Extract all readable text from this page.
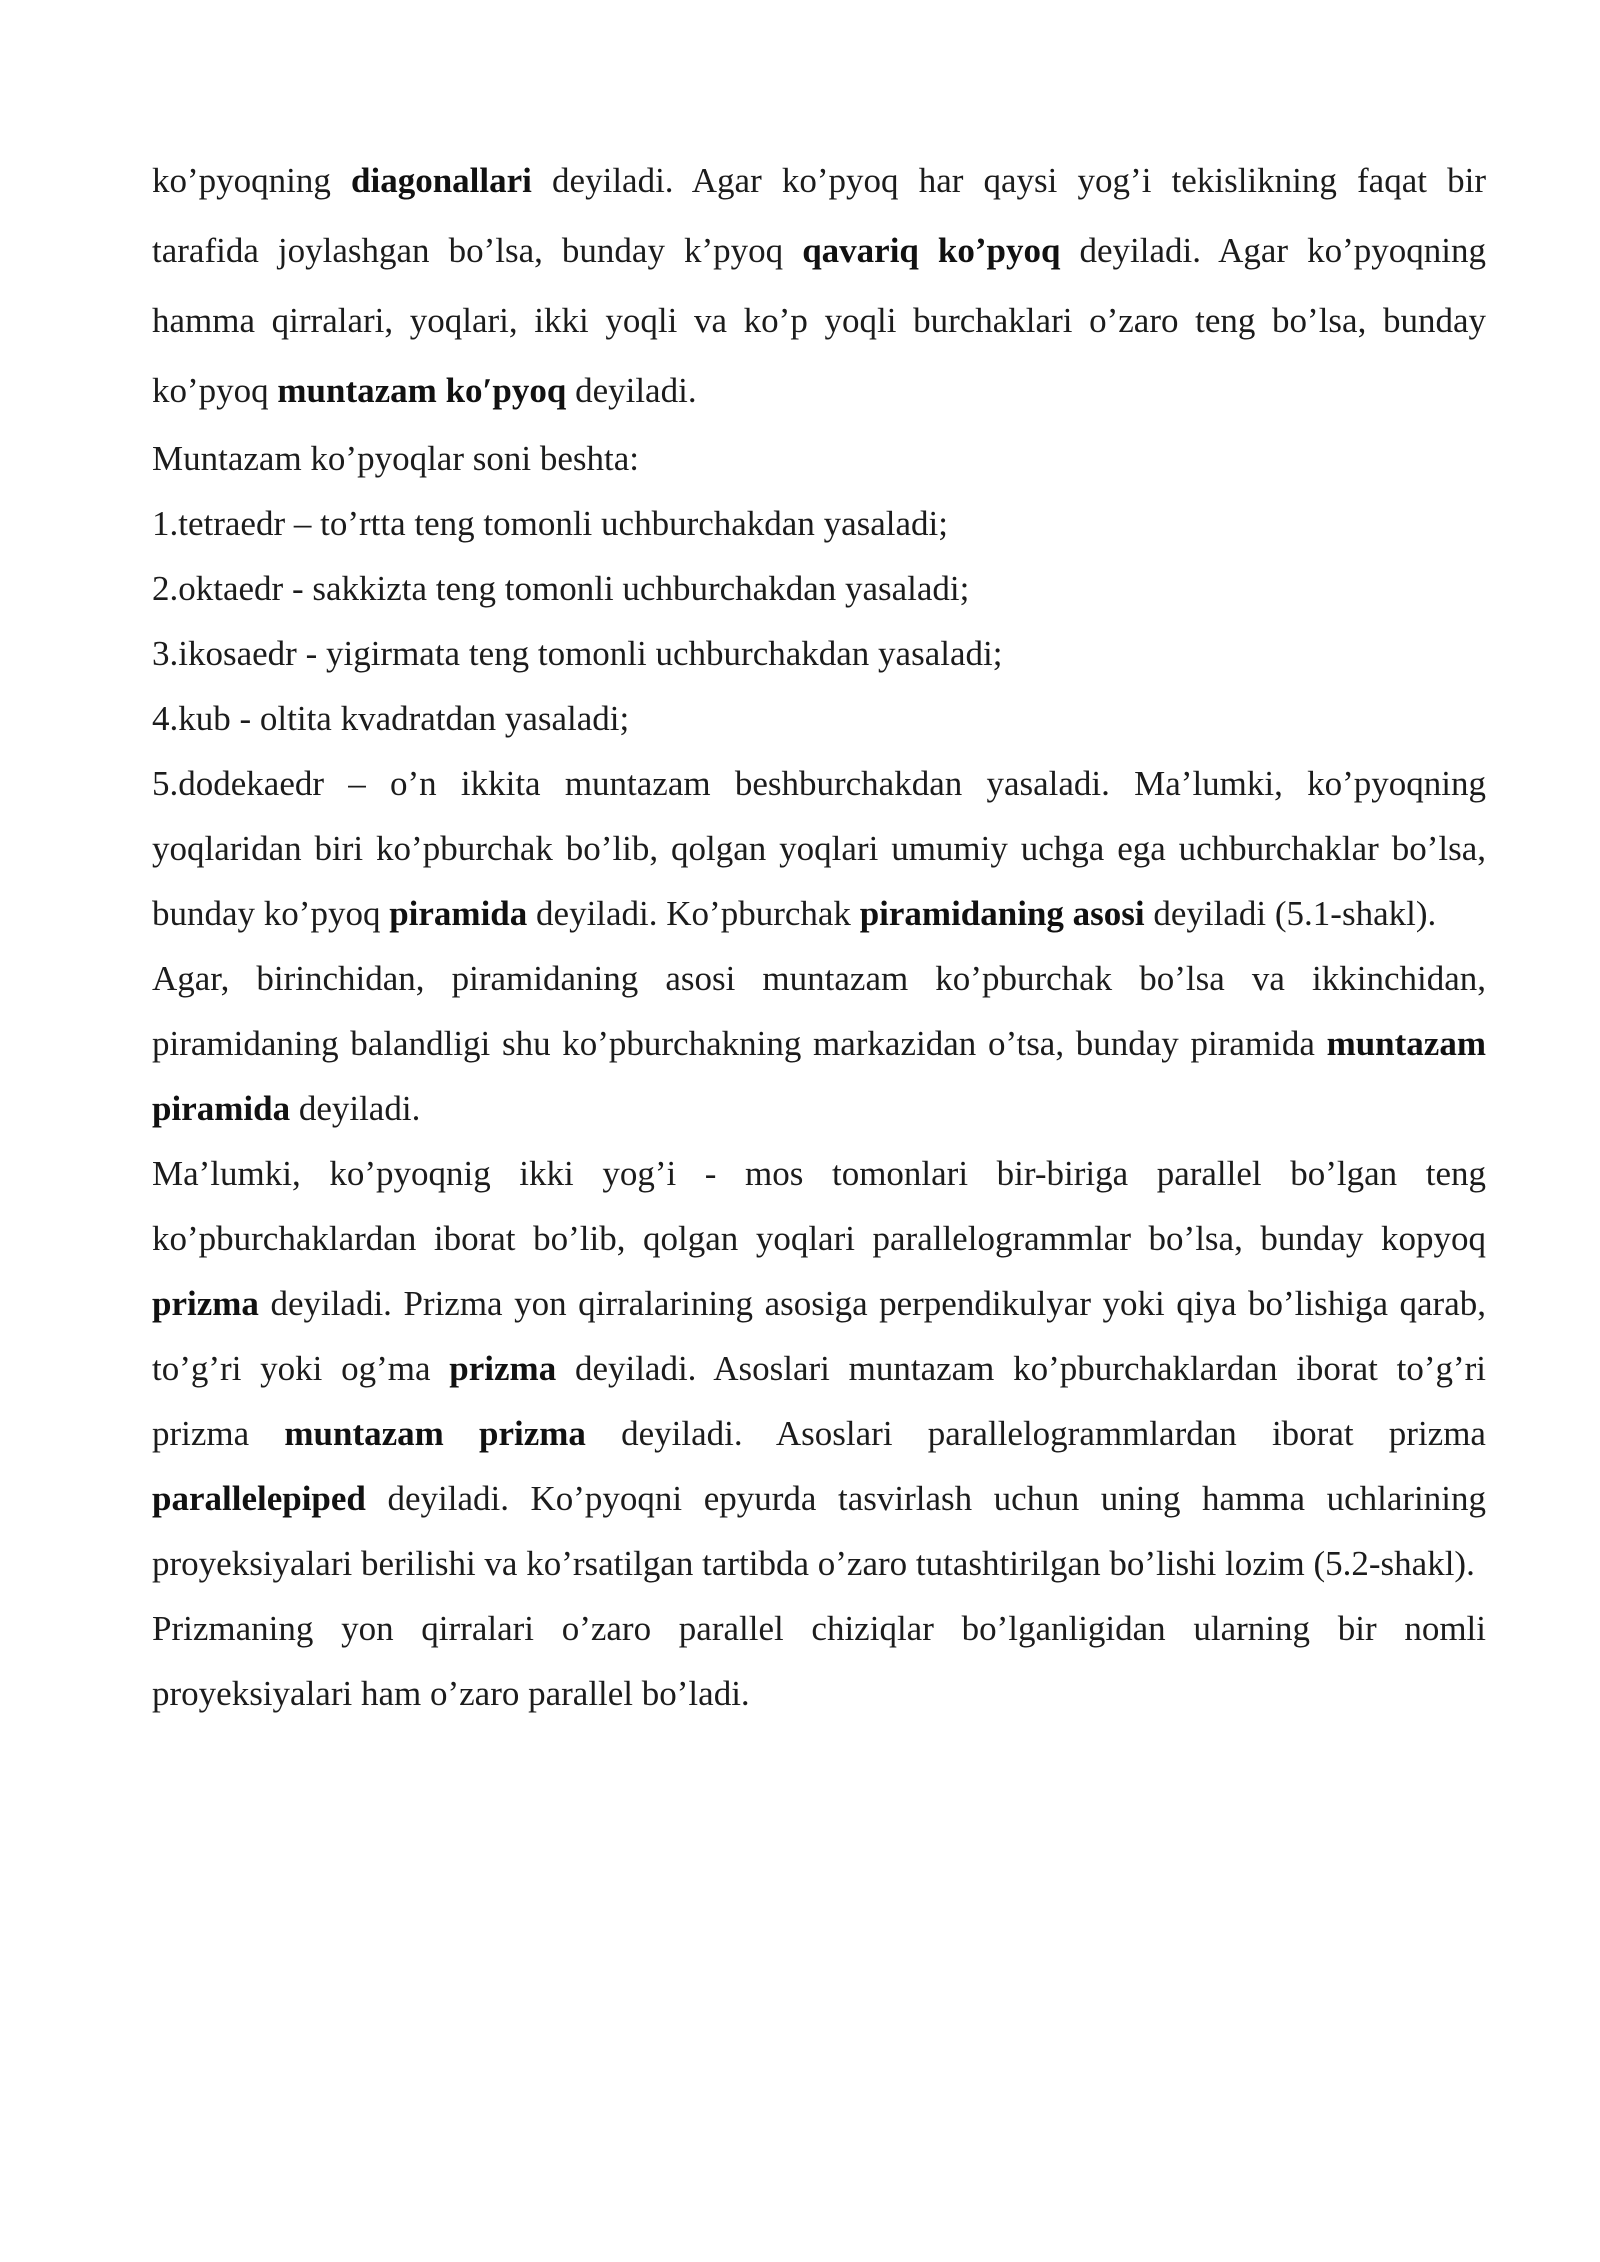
ko’pyoqning diagonallari deyiladi. Agar ko’pyoq har qaysi yog’i tekislikning faqat bir tarafida joylashgan bo’lsa, bunday k’pyoq qavariq koʼpyoq deyiladi. Agar ko’pyoqning hamma qirralari, yoqlari, ikki yoqli va ko’p yoqli burchaklari o’zaro teng bo’lsa, bunday ko’pyoq muntazam koʹpyoq deyiladi.

Muntazam ko’pyoqlar soni beshta:

1.tetraedr – to’rtta teng tomonli uchburchakdan yasaladi;

2.oktaedr - sakkizta teng tomonli uchburchakdan yasaladi;

3.ikosaedr - yigirmata teng tomonli uchburchakdan yasaladi;

4.kub - oltita kvadratdan yasaladi;

5.dodekaedr – o’n ikkita muntazam beshburchakdan yasaladi. Ma’lumki, ko’pyoqning yoqlaridan biri ko’pburchak bo’lib, qolgan yoqlari umumiy uchga ega uchburchaklar bo’lsa, bunday ko’pyoq piramida deyiladi. Ko’pburchak piramidaning asosi deyiladi (5.1-shakl).

Agar, birinchidan, piramidaning asosi muntazam ko’pburchak bo’lsa va ikkinchidan, piramidaning balandligi shu ko’pburchakning markazidan o’tsa, bunday piramida muntazam piramida deyiladi.

Ma’lumki, ko’pyoqnig ikki yog’i - mos tomonlari bir-biriga parallel bo’lgan teng ko’pburchaklardan iborat bo’lib, qolgan yoqlari parallelogrammlar bo’lsa, bunday kopyoq prizma deyiladi. Prizma yon qirralarining asosiga perpendikulyar yoki qiya bo’lishiga qarab, to’g’ri yoki og’ma prizma deyiladi. Asoslari muntazam ko’pburchaklardan iborat to’g’ri prizma muntazam prizma deyiladi. Asoslari parallelogrammlardan iborat prizma parallelepiped deyiladi. Ko’pyoqni epyurda tasvirlash uchun uning hamma uchlarining proyeksiyalari berilishi va ko’rsatilgan tartibda o’zaro tutashtirilgan bo’lishi lozim (5.2-shakl).

Prizmaning yon qirralari o’zaro parallel chiziqlar bo’lganligidan ularning bir nomli proyeksiyalari ham o’zaro parallel bo’ladi.
